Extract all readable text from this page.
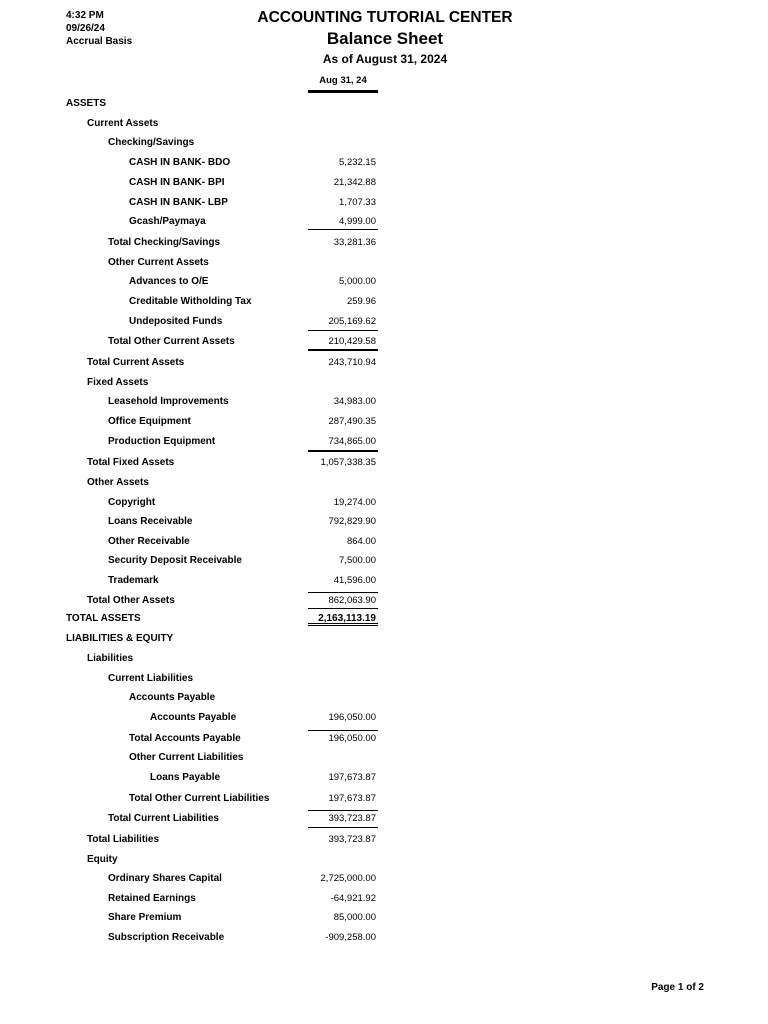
4:32 PM
09/26/24
Accrual Basis
ACCOUNTING TUTORIAL CENTER
Balance Sheet
As of August 31, 2024
Aug 31, 24
ASSETS
Current Assets
Checking/Savings
CASH IN BANK- BDO	5,232.15
CASH IN BANK- BPI	21,342.88
CASH IN BANK- LBP	1,707.33
Gcash/Paymaya	4,999.00
Total Checking/Savings	33,281.36
Other Current Assets
Advances to O/E	5,000.00
Creditable Witholding Tax	259.96
Undeposited Funds	205,169.62
Total Other Current Assets	210,429.58
Total Current Assets	243,710.94
Fixed Assets
Leasehold Improvements	34,983.00
Office Equipment	287,490.35
Production Equipment	734,865.00
Total Fixed Assets	1,057,338.35
Other Assets
Copyright	19,274.00
Loans Receivable	792,829.90
Other Receivable	864.00
Security Deposit Receivable	7,500.00
Trademark	41,596.00
Total Other Assets	862,063.90
TOTAL ASSETS	2,163,113.19
LIABILITIES & EQUITY
Liabilities
Current Liabilities
Accounts Payable
Accounts Payable	196,050.00
Total Accounts Payable	196,050.00
Other Current Liabilities
Loans Payable	197,673.87
Total Other Current Liabilities	197,673.87
Total Current Liabilities	393,723.87
Total Liabilities	393,723.87
Equity
Ordinary Shares Capital	2,725,000.00
Retained Earnings	-64,921.92
Share Premium	85,000.00
Subscription Receivable	-909,258.00
Page 1 of 2
